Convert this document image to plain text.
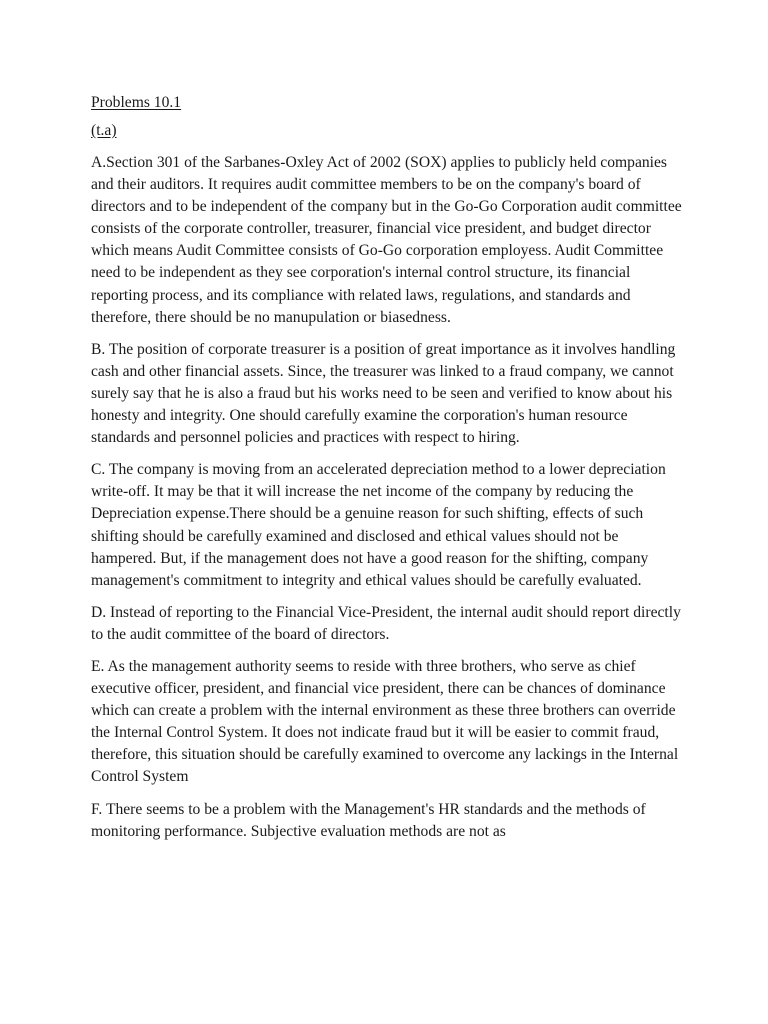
Problems 10.1
(t.a)

A.Section 301 of the Sarbanes-Oxley Act of 2002 (SOX) applies to publicly held companies and their auditors. It requires audit committee members to be on the company's board of directors and to be independent of the company but in the Go-Go Corporation audit committee consists of the corporate controller, treasurer, financial vice president, and budget director which means Audit Committee consists of Go-Go corporation employess. Audit Committee need to be independent as they see corporation's internal control structure, its financial reporting process, and its compliance with related laws, regulations, and standards and therefore, there should be no manupulation or biasedness.

B. The position of corporate treasurer is a position of great importance as it involves handling cash and other financial assets. Since, the treasurer was linked to a fraud company, we cannot surely say that he is also a fraud but his works need to be seen and verified to know about his honesty and integrity. One should carefully examine the corporation's human resource standards and personnel policies and practices with respect to hiring.

C. The company is moving from an accelerated depreciation method to a lower depreciation write-off. It may be that it will increase the net income of the company by reducing the Depreciation expense.There should be a genuine reason for such shifting, effects of such shifting should be carefully examined and disclosed and ethical values should not be hampered. But, if the management does not have a good reason for the shifting, company management's commitment to integrity and ethical values should be carefully evaluated.

D. Instead of reporting to the Financial Vice-President, the internal audit should report directly to the audit committee of the board of directors.

E. As the management authority seems to reside with three brothers, who serve as chief executive officer, president, and financial vice president, there can be chances of dominance which can create a problem with the internal environment as these three brothers can override the Internal Control System. It does not indicate fraud but it will be easier to commit fraud, therefore, this situation should be carefully examined to overcome any lackings in the Internal Control System

F. There seems to be a problem with the Management's HR standards and the methods of monitoring performance. Subjective evaluation methods are not as
